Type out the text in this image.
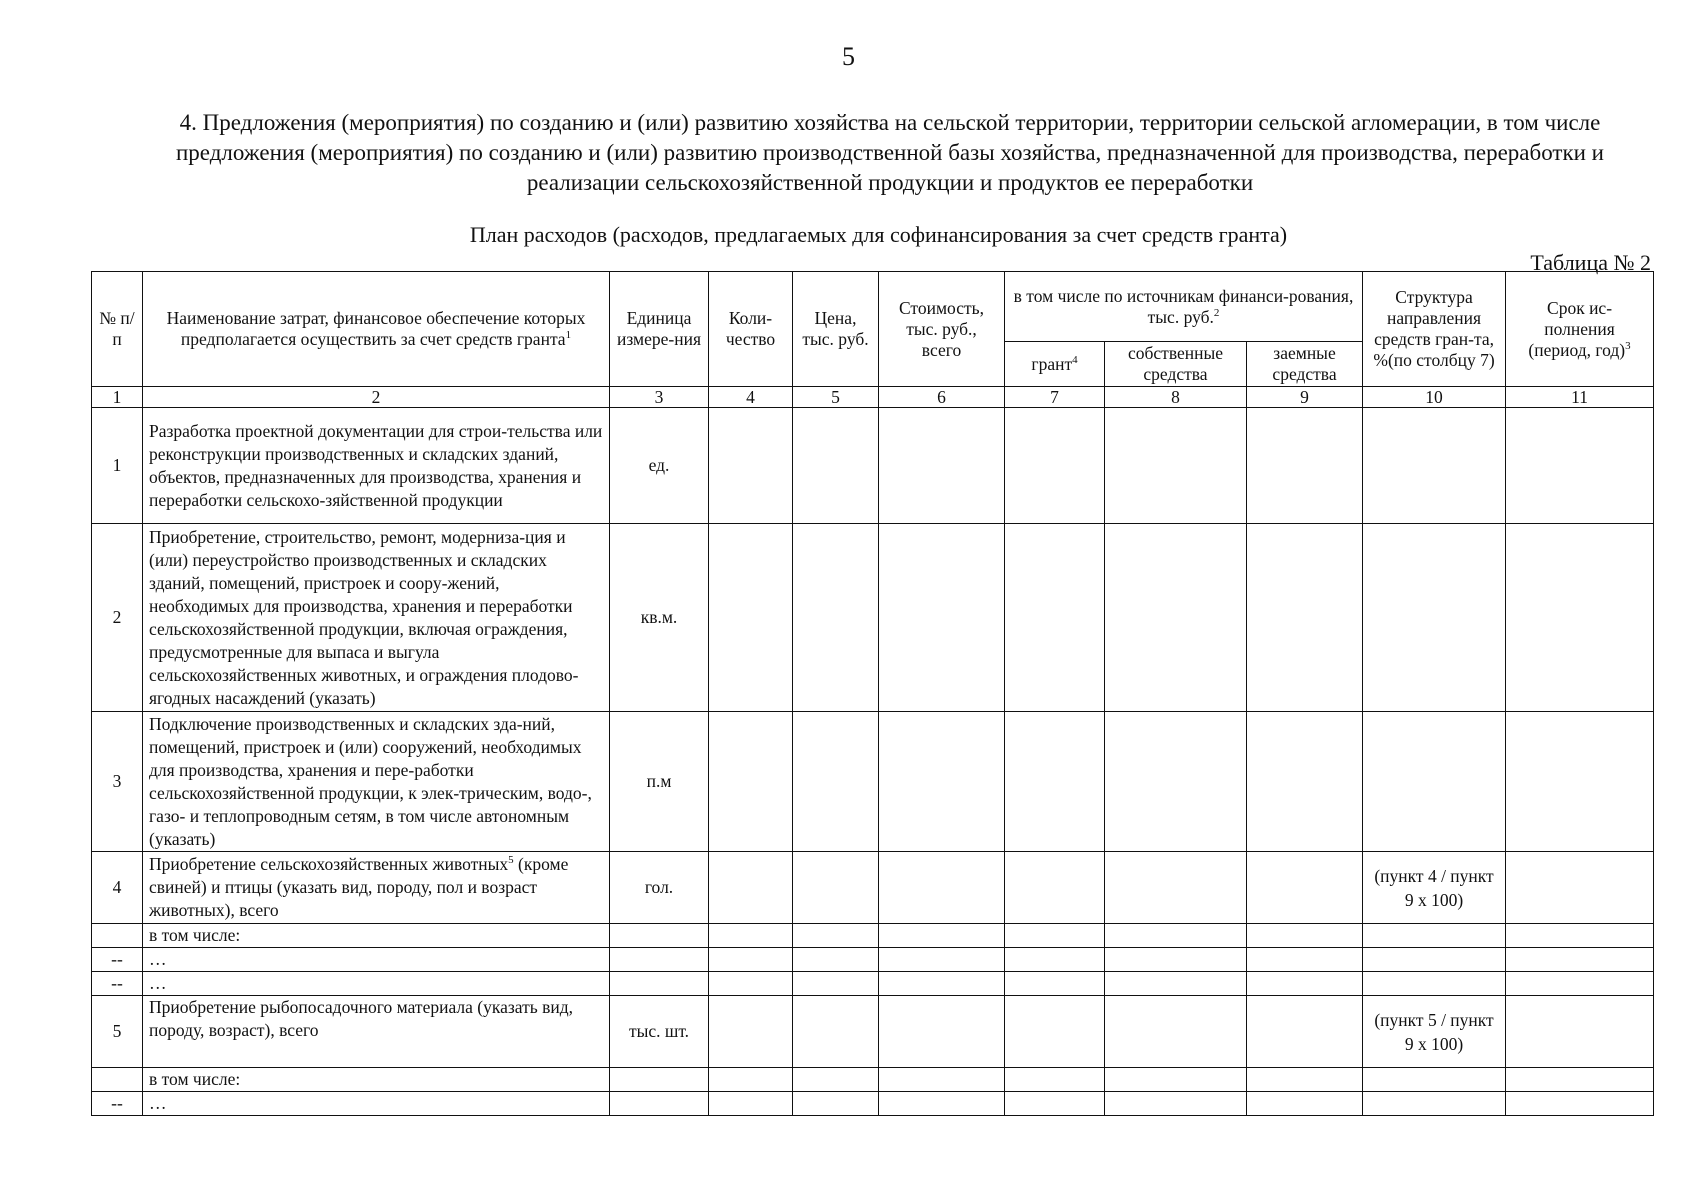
5
4. Предложения (мероприятия) по созданию и (или) развитию хозяйства на сельской территории, территории сельской агломерации, в том числе
предложения (мероприятия) по созданию и (или) развитию производственной базы хозяйства, предназначенной для производства, переработки и
реализации сельскохозяйственной продукции и продуктов ее переработки
План расходов (расходов, предлагаемых для софинансирования за счет средств гранта)
Таблица № 2
№ п/п	Наименование затрат, финансовое обеспечение которых предполагается осуществить за счет средств гранта$^1$	Единица измере-ния	Коли-чество	Цена, тыс. руб.	Стоимость, тыс. руб., всего	в том числе по источникам финанси-рования, тыс. руб.$^2$			Структура направления средств гран-та, %(по столбцу 7)	Срок ис-полнения (период, год)$^3$
						грант$^4$	собственные средства	заемные средства		
1	2	3	4	5	6	7	8	9	10	11
1	Разработка проектной документации для строи-тельства или реконструкции производственных и складских зданий, объектов, предназначенных для производства, хранения и переработки сельскохо-зяйственной продукции	ед.								
2	Приобретение, строительство, ремонт, модерниза-ция и (или) переустройство производственных и складских зданий, помещений, пристроек и соору-жений, необходимых для производства, хранения и переработки сельскохозяйственной продукции, включая ограждения, предусмотренные для выпаса и выгула сельскохозяйственных животных, и ограждения плодово-ягодных насаждений (указать)	кв.м.								
3	Подключение производственных и складских зда-ний, помещений, пристроек и (или) сооружений, необходимых для производства, хранения и пере-работки сельскохозяйственной продукции, к элек-трическим, водо-, газо- и теплопроводным сетям, в том числе автономным (указать)	п.м								
4	Приобретение сельскохозяйственных животных$^5$ (кроме свиней) и птицы (указать вид, породу, пол и возраст животных), всего	гол.							(пункт 4 / пункт 9 х 100)	
	в том числе:									
--	…									
--	…									
5	Приобретение рыбопосадочного материала (указать вид, породу, возраст), всего	тыс. шт.							(пункт 5 / пункт 9 х 100)	
	в том числе:									
--	…									
